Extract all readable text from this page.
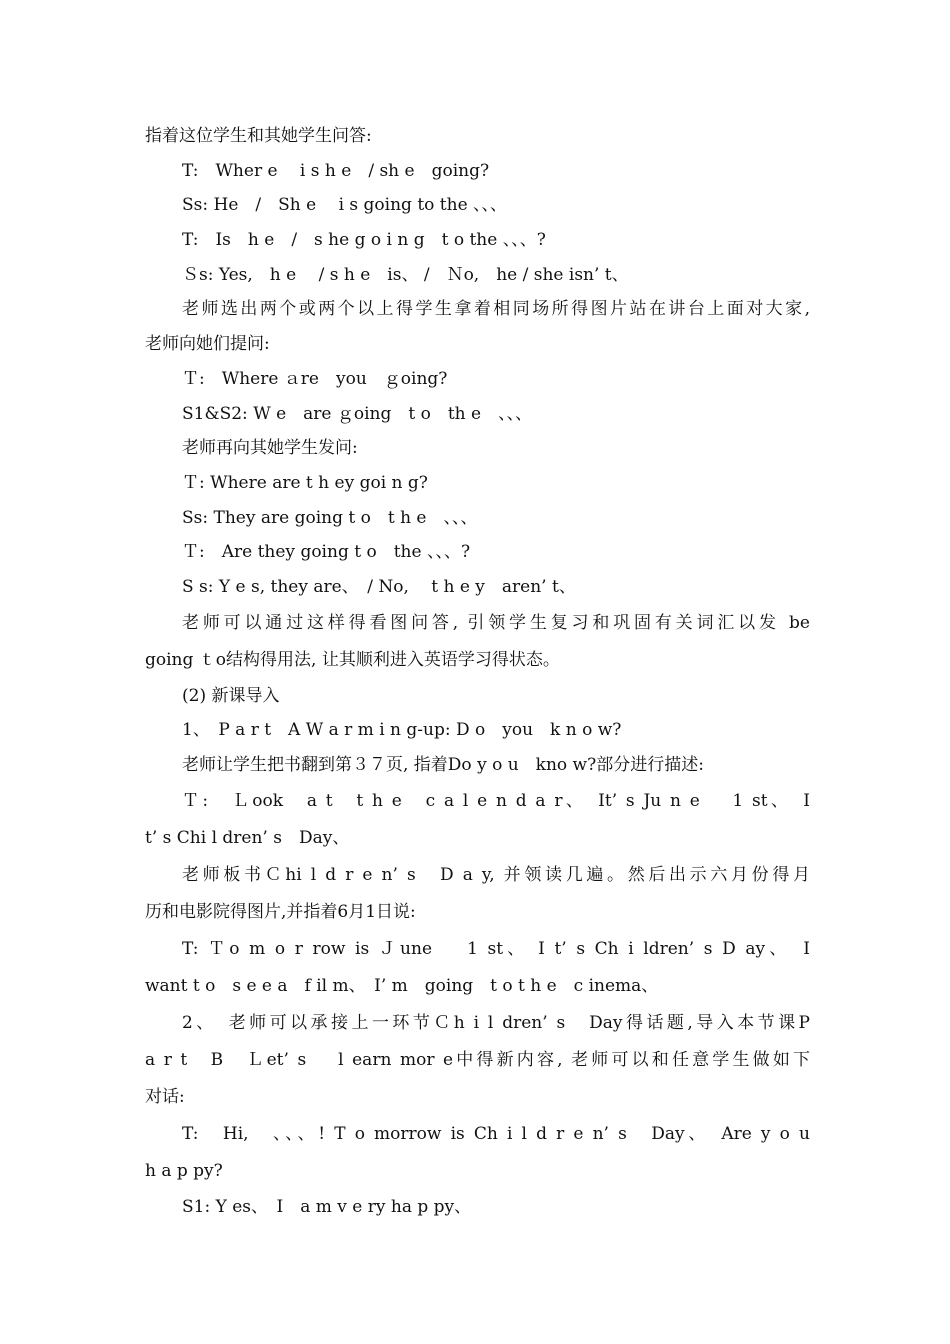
指着这位学生和其她学生问答:
T:　Wher e　 i s h e　/ sh e　going?
Ss: He　/　Sh e　 i s going to the 、、、
T:　Is　h e　/　s he g o i n g　t o the 、、、?
Ｓs: Yes,　h e　 / s h e　is、 /　Ｎo,　he / she isn’ t、
老师选出两个或两个以上得学生拿着相同场所得图片站在讲台上面对大家,
老师向她们提问:
Ｔ:　Where ａre　you　ｇoing?
S1&S2: W e　are ｇoing　t o　th e　、、、
老师再向其她学生发问:
Ｔ: Where are t h ey goi n g?
Ss: They are going t o　t h e　、、、
Ｔ:　Are they going t o　the 、、、?
S s: Y e s, they are、　/ No,　 t h e y　aren’ t、
老师可以通过这样得看图问答, 引领学生复习和巩固有关词汇以发 be
going ｔo结构得用法, 让其顺利进入英语学习得状态。
(2) 新课导入
1、　P a r t　A W a r m i n g-up: D o　you　k n o w?
老师让学生把书翻到第３７页, 指着Do y o u　kno w?部分进行描述:
Ｔ:　Ｌook　a t　t h e　c a l e n d a r、　It’ s Ju n e　 1 st、　I
t’ s Chi l dren’ s　Day、
老师板书Ｃhi l d r e n’ s　D a y, 并领读几遍。然后出示六月份得月
历和电影院得图片,并指着6月1日说:
T: Ｔo m o r row is Ｊune　 1 st、 I t’ s Ch i ldren’ s D ay、　I
want t o　s e e a　f il m、　I’ m　going　t o t h e　c inema、
2、　老师可以承接上一环节Ｃh i l dren’ s　Day得话题,导入本节课P
a r t　B　Ｌet’ s　 l earn mor e中得新内容, 老师可以和任意学生做如下
对话:
T:　Hi,　、、、! T o morrow is Ch i l d r e n’ s　Day、　Are y o u
h a p py?
S1: Y es、　I　a m v e ry ha p py、
